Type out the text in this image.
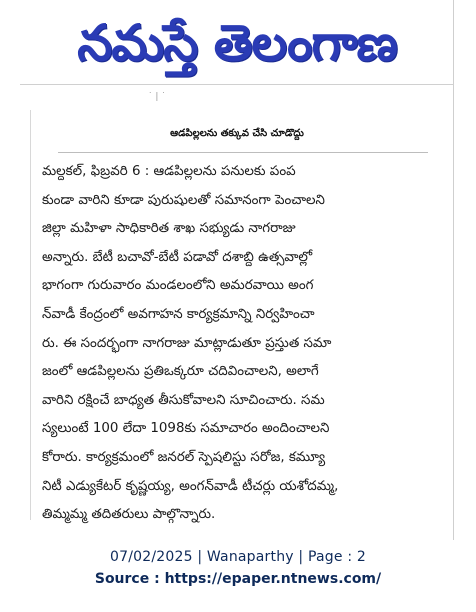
నమస్తే తెలంగాణ
˙ | ˙
ఆడపిల్లలను తక్కువ చేసి చూడొద్దు
మల్దకల్‌, ఫిబ్రవరి 6 : ఆడపిల్లలను పనులకు పంప
కుండా వారిని కూడా పురుషులతో సమానంగా పెంచాలని
జిల్లా మహిళా సాధికారిత శాఖ సభ్యుడు నాగరాజు
అన్నారు. బేటీ బచావో-బేటీ పడావో దశాబ్ది ఉత్సవాల్లో
భాగంగా గురువారం మండలంలోని అమరవాయి అంగ
న్‌వాడీ కేంద్రంలో అవగాహన కార్యక్రమాన్ని నిర్వహించా
రు. ఈ సందర్భంగా నాగరాజు మాట్లాడుతూ ప్రస్తుత సమా
జంలో ఆడపిల్లలను ప్రతిఒక్కరూ చదివించాలని, అలాగే
వారిని రక్షించే బాధ్యత తీసుకోవాలని సూచించారు. సమ
స్యలుంటే 100 లేదా 1098కు సమాచారం అందించాలని
కోరారు. కార్యక్రమంలో జనరల్‌ స్పెషలిస్టు సరోజ, కమ్యూ
నిటీ ఎడ్యుకేటర్‌ కృష్ణయ్య, అంగన్‌వాడీ టీచర్లు యశోదమ్మ,
తిమ్మమ్మ తదితరులు పాల్గొన్నారు.
07/02/2025 | Wanaparthy | Page : 2
Source : https://epaper.ntnews.com/
